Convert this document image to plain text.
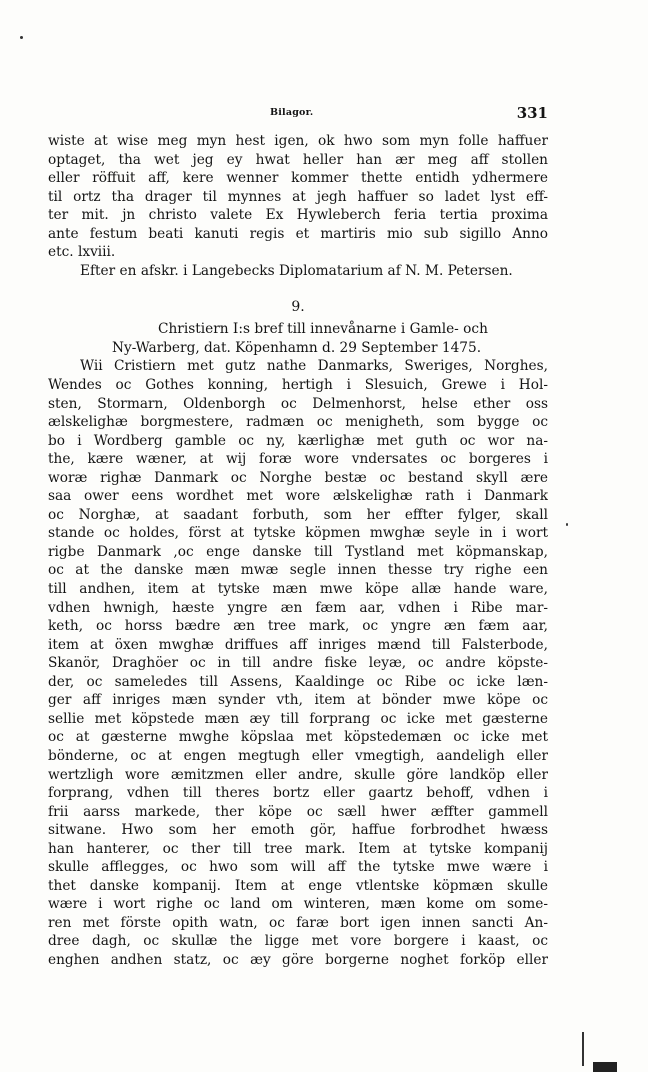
Bilagor.	331
wiste at wise meg myn hest igen, ok hwo som myn folle haffuer
optaget, tha wet jeg ey hwat heller han ær meg aff stollen
eller röffuit aff, kere wenner kommer thette entidh ydhermere
til ortz tha drager til mynnes at jegh haffuer so ladet lyst eff-
ter mit. jn christo valete Ex Hywleberch feria tertia proxima
ante festum beati kanuti regis et martiris mio sub sigillo Anno
etc. lxviii.
Efter en afskr. i Langebecks Diplomatarium af N. M. Petersen.
9.
Christiern I:s bref till innevånarne i Gamle- och
Ny-Warberg, dat. Köpenhamn d. 29 September 1475.
Wii Cristiern met gutz nathe Danmarks, Sweriges, Norghes,
Wendes oc Gothes konning, hertigh i Slesuich, Grewe i Hol-
sten, Stormarn, Oldenborgh oc Delmenhorst, helse ether oss
ælskelighæ borgmestere, radmæn oc menigheth, som bygge oc
bo i Wordberg gamble oc ny, kærlighæ met guth oc wor na-
the, kære wæner, at wij foræ wore vndersates oc borgeres i
woræ righæ Danmark oc Norghe bestæ oc bestand skyll ære
saa ower eens wordhet met wore ælskelighæ rath i Danmark
oc Norghæ, at saadant forbuth, som her effter fylger, skall
stande oc holdes, först at tytske köpmen mwghæ seyle in i wort
rigbe Danmark ,oc enge danske till Tystland met köpmanskap,
oc at the danske mæn mwæ segle innen thesse try righe een
till andhen, item at tytske mæn mwe köpe allæ hande ware,
vdhen hwnigh, hæste yngre æn fæm aar, vdhen i Ribe mar-
keth, oc horss bædre æn tree mark, oc yngre æn fæm aar,
item at öxen mwghæ driffues aff inriges mænd till Falsterbode,
Skanör, Draghöer oc in till andre fiske leyæ, oc andre köpste-
der, oc sameledes till Assens, Kaaldinge oc Ribe oc icke læn-
ger aff inriges mæn synder vth, item at bönder mwe köpe oc
sellie met köpstede mæn æy till forprang oc icke met gæsterne
oc at gæsterne mwghe köpslaa met köpstedemæn oc icke met
bönderne, oc at engen megtugh eller vmegtigh, aandeligh eller
wertzligh wore æmitzmen eller andre, skulle göre landköp eller
forprang, vdhen till theres bortz eller gaartz behoff, vdhen i
frii aarss markede, ther köpe oc sæll hwer æffter gammell
sitwane. Hwo som her emoth gör, haffue forbrodhet hwæss
han hanterer, oc ther till tree mark. Item at tytske kompanij
skulle afflegges, oc hwo som will aff the tytske mwe wære i
thet danske kompanij. Item at enge vtlentske köpmæn skulle
wære i wort righe oc land om winteren, mæn kome om some-
ren met förste opith watn, oc faræ bort igen innen sancti An-
dree dagh, oc skullæ the ligge met vore borgere i kaast, oc
enghen andhen statz, oc æy göre borgerne noghet forköp eller
